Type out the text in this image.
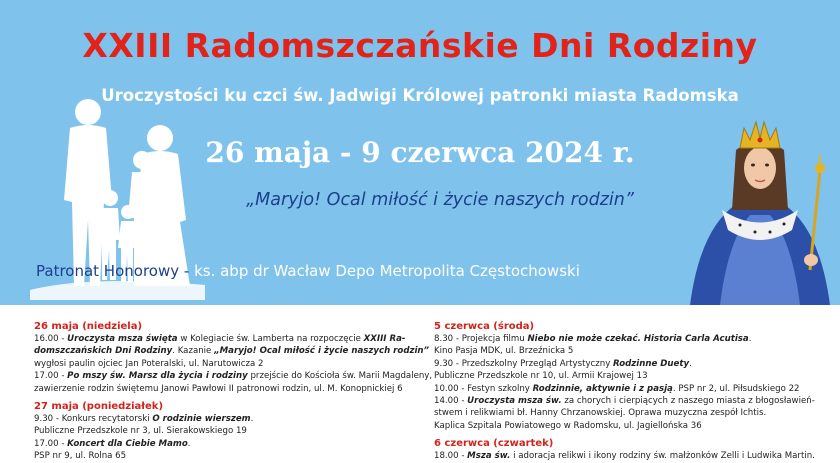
XXIII Radomszczańskie Dni Rodziny
Uroczystości ku czci św. Jadwigi Królowej patronki miasta Radomska
26 maja - 9 czerwca 2024 r.
„Maryjo! Ocal miłość i życie naszych rodzin”
Patronat Honorowy - ks. abp dr Wacław Depo Metropolita Częstochowski

26 maja (niedziela)

16.00 - Uroczysta msza święta w Kolegiacie św. Lamberta na rozpoczęcie XXIII Ra-

domszczańskich Dni Rodziny. Kazanie „Maryjo! Ocal miłość i życie naszych rodzin”

wygłosi paulin ojciec Jan Poteralski, ul. Narutowicza 2

17.00 - Po mszy św. Marsz dla życia i rodziny przejście do Kościoła św. Marii Magdaleny,

zawierzenie rodzin świętemu Janowi Pawłowi II patronowi rodzin, ul. M. Konopnickiej 6

27 maja (poniedziałek)

9.30 - Konkurs recytatorski O rodzinie wierszem.

Publiczne Przedszkole nr 3, ul. Sierakowskiego 19

17.00 - Koncert dla Ciebie Mamo.

PSP nr 9, ul. Rolna 65

5 czerwca (środa)

8.30 - Projekcja filmu Niebo nie może czekać. Historia Carla Acutisa.

Kino Pasja MDK, ul. Brzeźnicka 5

9.30 - Przedszkolny Przegląd Artystyczny Rodzinne Duety.

Publiczne Przedszkole nr 10, ul. Armii Krajowej 13

10.00 - Festyn szkolny Rodzinnie, aktywnie i z pasją. PSP nr 2, ul. Piłsudskiego 22

14.00 - Uroczysta msza św. za chorych i cierpiących z naszego miasta z błogosławień-

stwem i relikwiami bł. Hanny Chrzanowskiej. Oprawa muzyczna zespół Ichtis.

Kaplica Szpitala Powiatowego w Radomsku, ul. Jagiellońska 36

6 czerwca (czwartek)

18.00 - Msza św. i adoracja relikwi i ikony rodziny św. małżonków Zelli i Ludwika Martin.
